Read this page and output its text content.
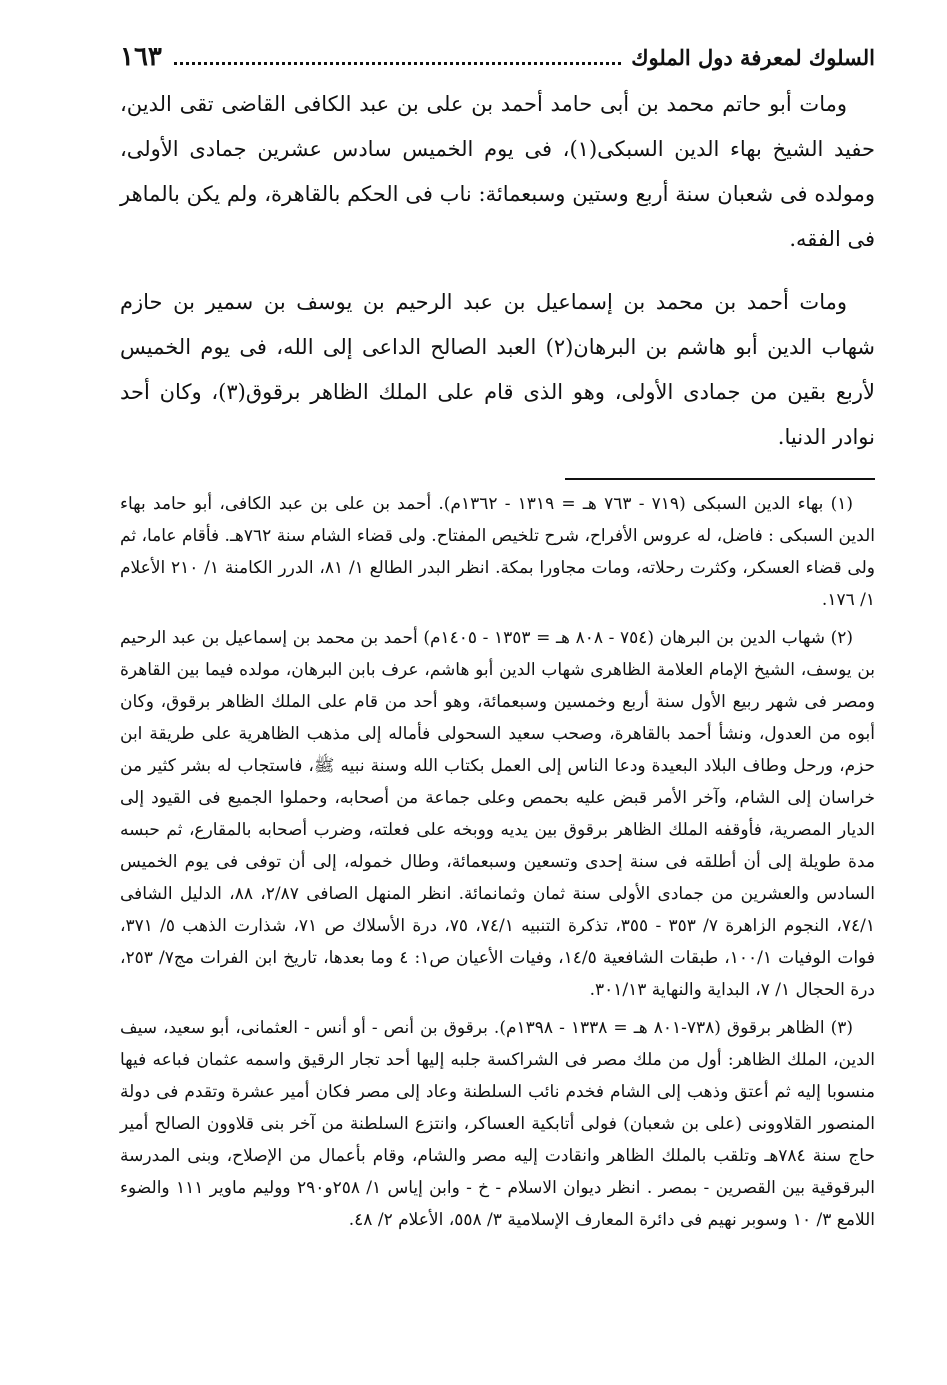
السلوك لمعرفة دول الملوك
١٦٣

ومات أبو حاتم محمد بن أبى حامد أحمد بن على بن عبد الكافى القاضى تقى الدين، حفيد الشيخ بهاء الدين السبكى(١)، فى يوم الخميس سادس عشرين جمادى الأولى، ومولده فى شعبان سنة أربع وستين وسبعمائة: ناب فى الحكم بالقاهرة، ولم يكن بالماهر فى الفقه.

ومات أحمد بن محمد بن إسماعيل بن عبد الرحيم بن يوسف بن سمير بن حازم شهاب الدين أبو هاشم بن البرهان(٢) العبد الصالح الداعى إلى الله، فى يوم الخميس لأربع بقين من جمادى الأولى، وهو الذى قام على الملك الظاهر برقوق(٣)، وكان أحد نوادر الدنيا.

(١) بهاء الدين السبكى (٧١٩ - ٧٦٣ هـ = ١٣١٩ - ١٣٦٢م). أحمد بن على بن عبد الكافى، أبو حامد بهاء الدين السبكى : فاضل، له عروس الأفراح، شرح تلخيص المفتاح. ولى قضاء الشام سنة ٧٦٢هـ. فأقام عاما، ثم ولى قضاء العسكر، وكثرت رحلاته، ومات مجاورا بمكة. انظر البدر الطالع ١/ ٨١، الدرر الكامنة ١/ ٢١٠ الأعلام ١/ ١٧٦.

(٢) شهاب الدين بن البرهان (٧٥٤ - ٨٠٨ هـ = ١٣٥٣ - ١٤٠٥م) أحمد بن محمد بن إسماعيل بن عبد الرحيم بن يوسف، الشيخ الإمام العلامة الظاهرى شهاب الدين أبو هاشم، عرف بابن البرهان، مولده فيما بين القاهرة ومصر فى شهر ربيع الأول سنة أربع وخمسين وسبعمائة، وهو أحد من قام على الملك الظاهر برقوق، وكان أبوه من العدول، ونشأ أحمد بالقاهرة، وصحب سعيد السحولى فأماله إلى مذهب الظاهرية على طريقة ابن حزم، ورحل وطاف البلاد البعيدة ودعا الناس إلى العمل بكتاب الله وسنة نبيه ﷺ، فاستجاب له بشر كثير من خراسان إلى الشام، وآخر الأمر قبض عليه بحمص وعلى جماعة من أصحابه، وحملوا الجميع فى القيود إلى الديار المصرية، فأوقفه الملك الظاهر برقوق بين يديه ووبخه على فعلته، وضرب أصحابه بالمقارع، ثم حبسه مدة طويلة إلى أن أطلقه فى سنة إحدى وتسعين وسبعمائة، وطال خموله، إلى أن توفى فى يوم الخميس السادس والعشرين من جمادى الأولى سنة ثمان وثمانمائة. انظر المنهل الصافى ٢/٨٧، ٨٨، الدليل الشافى ٧٤/١، النجوم الزاهرة ٧/ ٣٥٣ - ٣٥٥، تذكرة التنبيه ٧٤/١، ٧٥، درة الأسلاك ص ٧١، شذارت الذهب ٥/ ٣٧١، فوات الوفيات ١٠٠/١، طبقات الشافعية ١٤/٥، وفيات الأعيان ص١: ٤ وما بعدها، تاريخ ابن الفرات مج٧/ ٢٥٣، درة الحجال ١/ ٧، البداية والنهاية ٣٠١/١٣.

(٣) الظاهر برقوق (٧٣٨-٨٠١ هـ = ١٣٣٨ - ١٣٩٨م). برقوق بن أنص - أو أنس - العثمانى، أبو سعيد، سيف الدين، الملك الظاهر: أول من ملك مصر فى الشراكسة جلبه إليها أحد تجار الرقيق واسمه عثمان فباعه فيها منسوبا إليه ثم أعتق وذهب إلى الشام فخدم نائب السلطنة وعاد إلى مصر فكان أمير عشرة وتقدم فى دولة المنصور القلاوونى (على بن شعبان) فولى أتابكية العساكر، وانتزع السلطنة من آخر بنى قلاوون الصالح أمير حاج سنة ٧٨٤هـ وتلقب بالملك الظاهر وانقادت إليه مصر والشام، وقام بأعمال من الإصلاح، وبنى المدرسة البرقوقية بين القصرين - بمصر . انظر ديوان الاسلام - خ - وابن إياس ١/ ٢٥٨و٢٩٠ ووليم ماوير ١١١ والضوء اللامع ٣/ ١٠ وسوبر نهيم فى دائرة المعارف الإسلامية ٣/ ٥٥٨، الأعلام ٢/ ٤٨.
